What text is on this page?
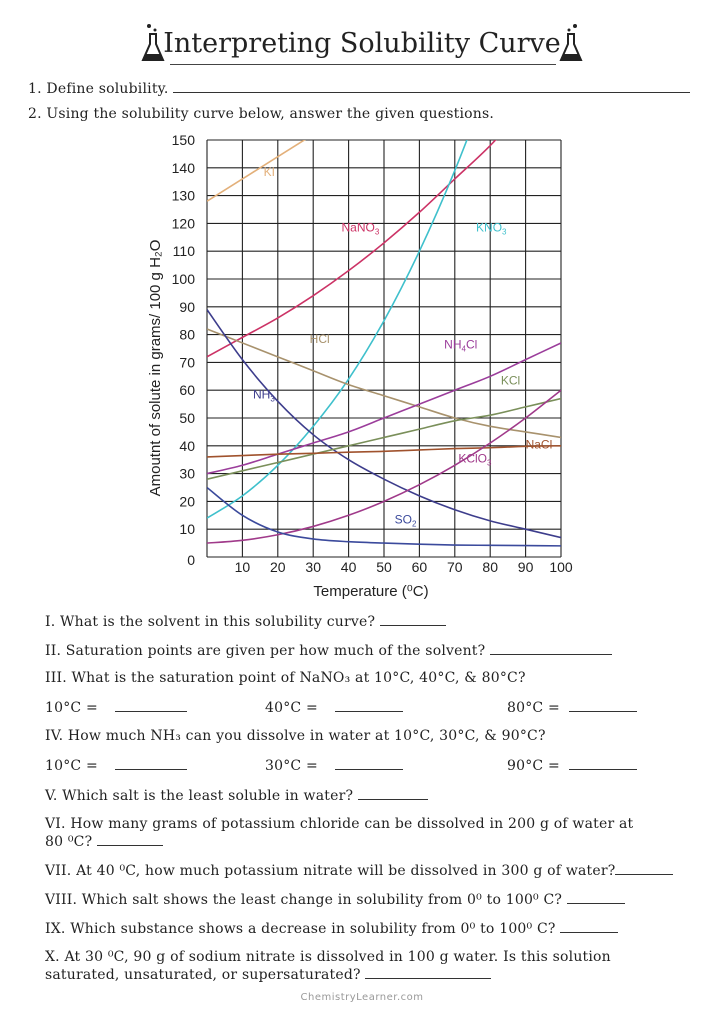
Interpreting Solubility Curve
1. Define solubility.
2. Using the solubility curve below, answer the given questions.
0
10
20
30
40
50
60
70
80
90
100
110
120
130
140
150
10 20 30 40 50 60 70 80 90 100
KI
NaNO$_3$	$KNO_3$
HCl	$NH_4Cl$
$NH_3$
KCl
NaCl
KClO$_3$
$SO_2$
Amoutnt of solute in grams/ 100 g H₂O
Temperature (⁰C)
I. What is the solvent in this solubility curve?
II. Saturation points are given per how much of the solvent?
III. What is the saturation point of NaNO₃ at 10°C, 40°C, & 80°C?
10°C =	40°C =	80°C =
IV. How much NH₃ can you dissolve in water at 10°C, 30°C, & 90°C?
10°C =	30°C =	90°C =
V. Which salt is the least soluble in water?
VI. How many grams of potassium chloride can be dissolved in 200 g of water at
80 ⁰C?
VII. At 40 ⁰C, how much potassium nitrate will be dissolved in 300 g of water?
VIII. Which salt shows the least change in solubility from 0⁰ to 100⁰ C?
IX. Which substance shows a decrease in solubility from 0⁰ to 100⁰ C?
X. At 30 ⁰C, 90 g of sodium nitrate is dissolved in 100 g water. Is this solution
saturated, unsaturated, or supersaturated?
ChemistryLearner.com
